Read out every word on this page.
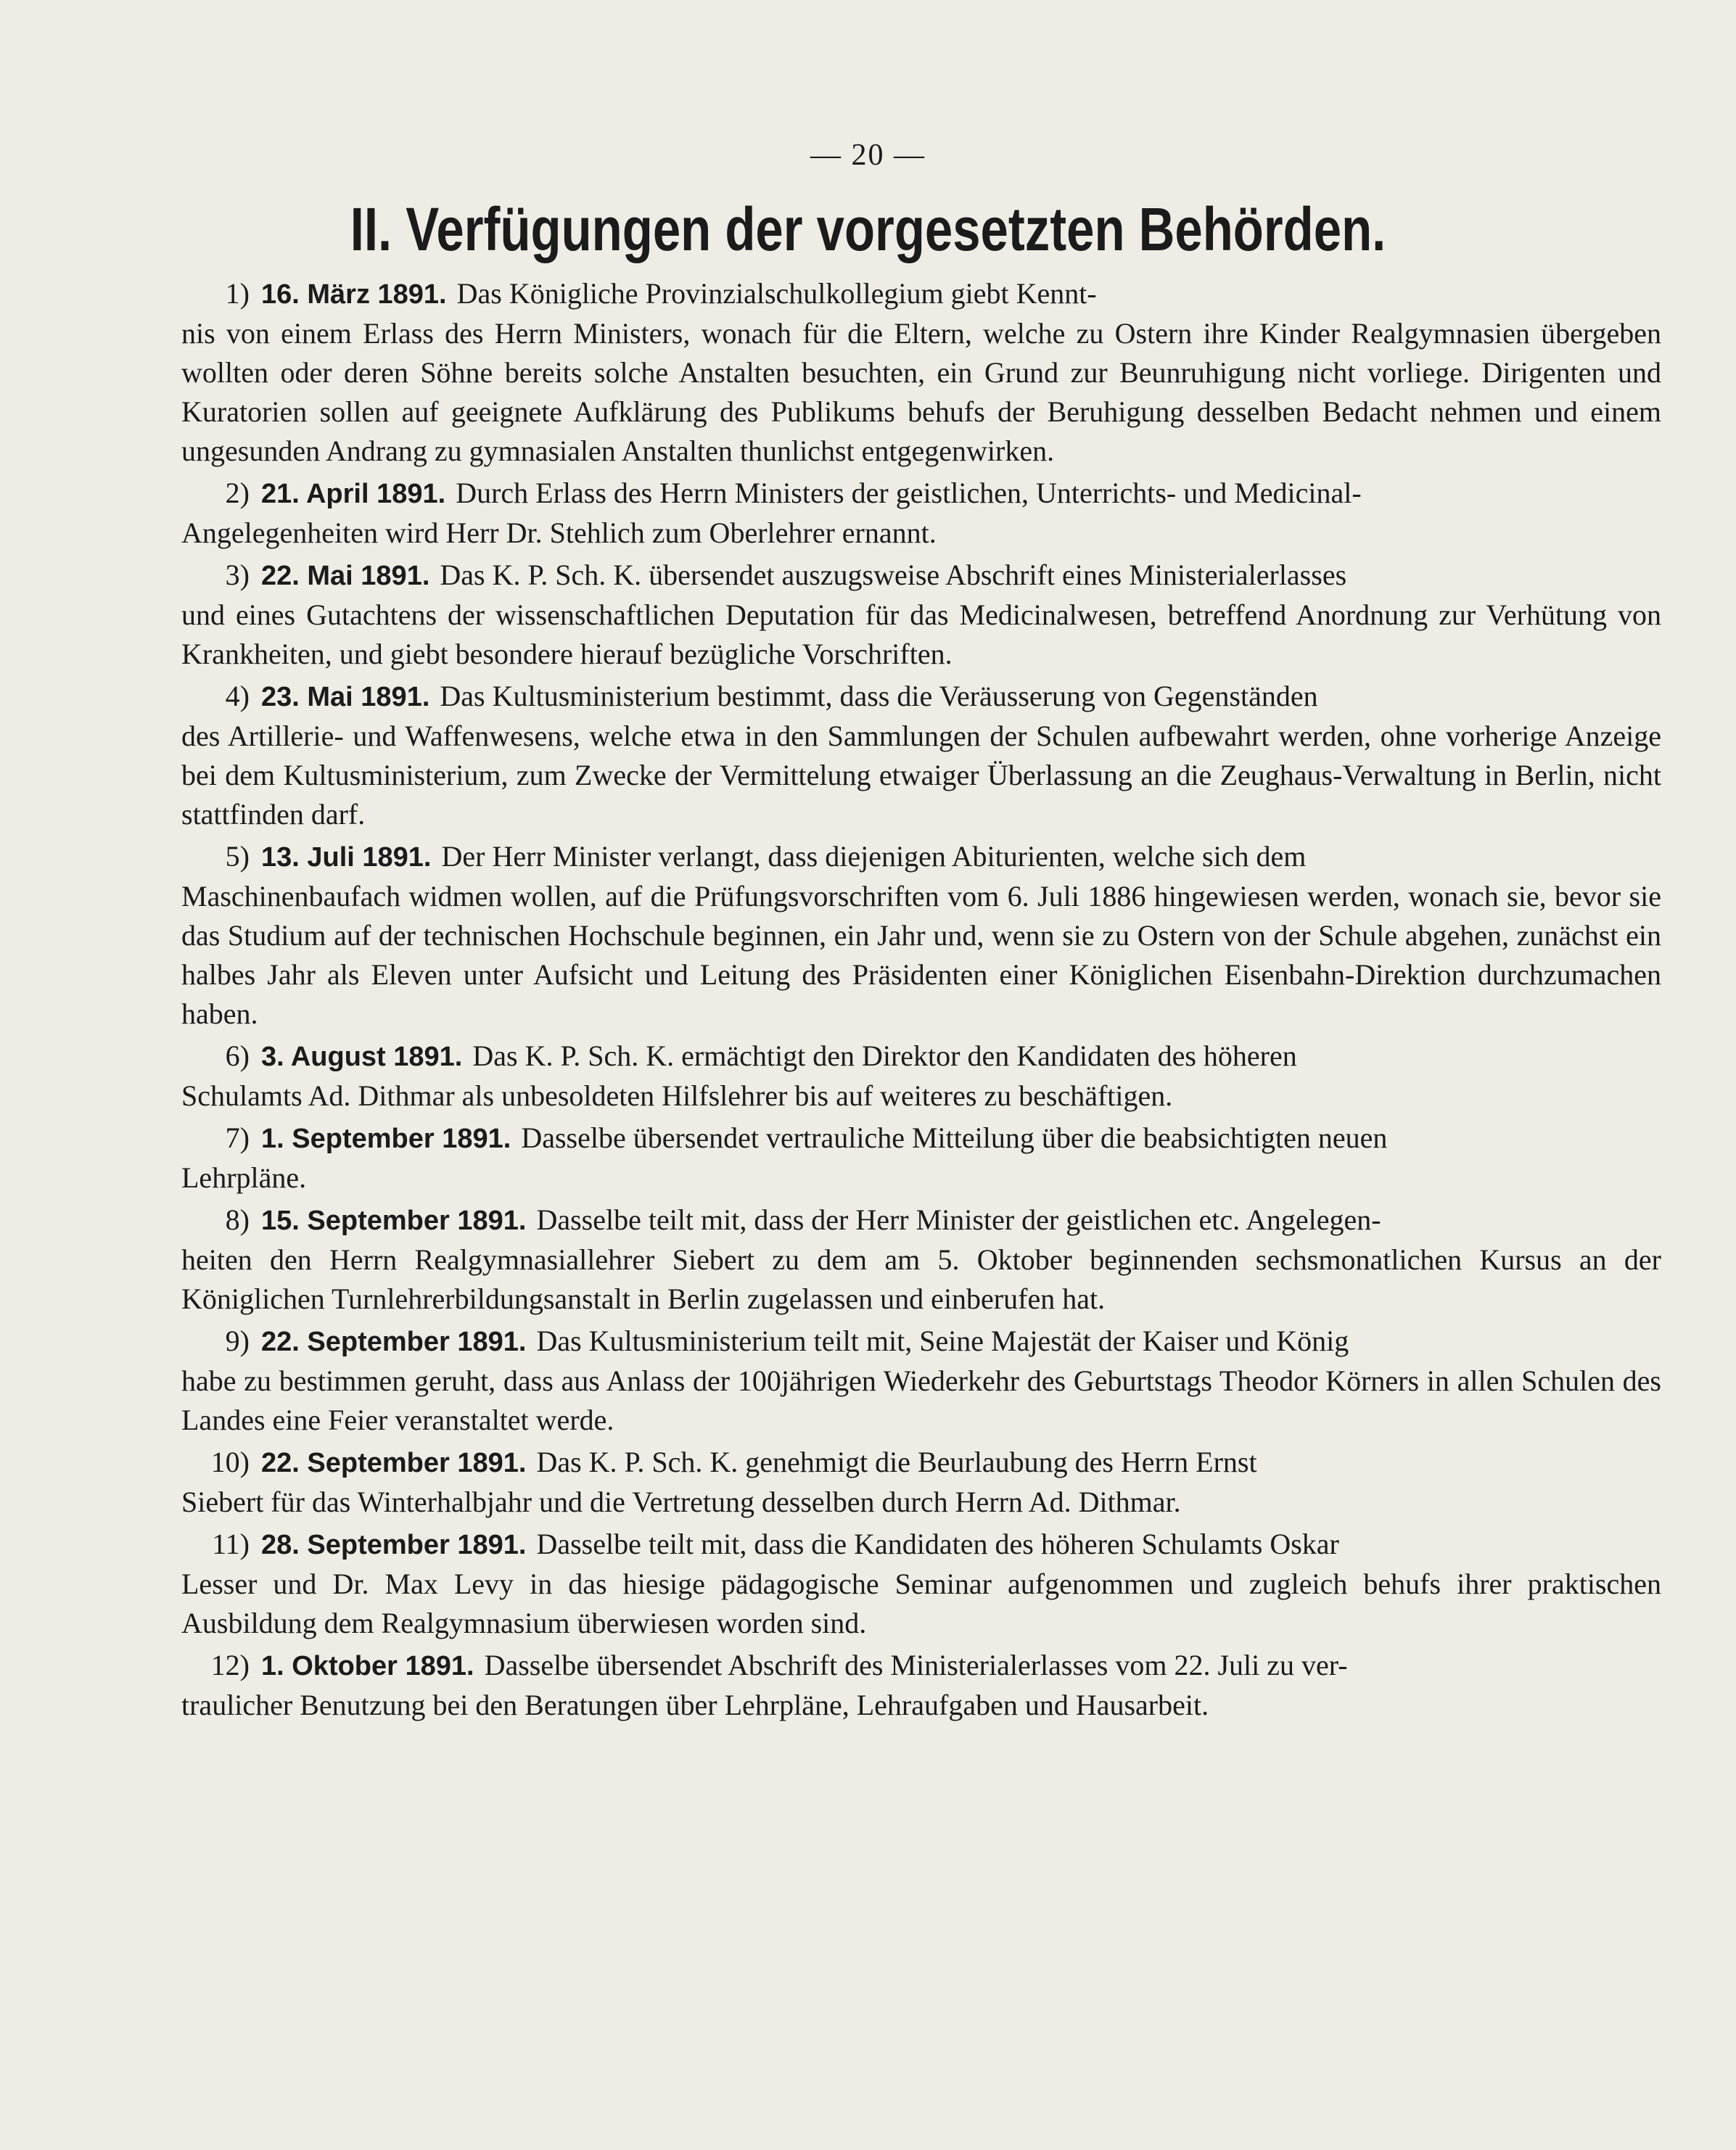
— 20 —
II. Verfügungen der vorgesetzten Behörden.
1) 16. März 1891. Das Königliche Provinzialschulkollegium giebt Kennt-
nis von einem Erlass des Herrn Ministers, wonach für die Eltern, welche zu Ostern ihre Kinder Realgymnasien übergeben wollten oder deren Söhne bereits solche Anstalten besuchten, ein Grund zur Beunruhigung nicht vorliege. Dirigenten und Kuratorien sollen auf geeignete Aufklärung des Publikums behufs der Beruhigung desselben Bedacht nehmen und einem ungesunden Andrang zu gymnasialen Anstalten thunlichst entgegenwirken.
2) 21. April 1891. Durch Erlass des Herrn Ministers der geistlichen, Unterrichts- und Medicinal-
Angelegenheiten wird Herr Dr. Stehlich zum Oberlehrer ernannt.
3) 22. Mai 1891. Das K. P. Sch. K. übersendet auszugsweise Abschrift eines Ministerialerlasses
und eines Gutachtens der wissenschaftlichen Deputation für das Medicinalwesen, betreffend Anordnung zur Verhütung von Krankheiten, und giebt besondere hierauf bezügliche Vorschriften.
4) 23. Mai 1891. Das Kultusministerium bestimmt, dass die Veräusserung von Gegenständen
des Artillerie- und Waffenwesens, welche etwa in den Sammlungen der Schulen aufbewahrt werden, ohne vorherige Anzeige bei dem Kultusministerium, zum Zwecke der Vermittelung etwaiger Überlassung an die Zeughaus-Verwaltung in Berlin, nicht stattfinden darf.
5) 13. Juli 1891. Der Herr Minister verlangt, dass diejenigen Abiturienten, welche sich dem
Maschinenbaufach widmen wollen, auf die Prüfungsvorschriften vom 6. Juli 1886 hingewiesen werden, wonach sie, bevor sie das Studium auf der technischen Hochschule beginnen, ein Jahr und, wenn sie zu Ostern von der Schule abgehen, zunächst ein halbes Jahr als Eleven unter Aufsicht und Leitung des Präsidenten einer Königlichen Eisenbahn-Direktion durchzumachen haben.
6) 3. August 1891. Das K. P. Sch. K. ermächtigt den Direktor den Kandidaten des höheren
Schulamts Ad. Dithmar als unbesoldeten Hilfslehrer bis auf weiteres zu beschäftigen.
7) 1. September 1891. Dasselbe übersendet vertrauliche Mitteilung über die beabsichtigten neuen
Lehrpläne.
8) 15. September 1891. Dasselbe teilt mit, dass der Herr Minister der geistlichen etc. Angelegen-
heiten den Herrn Realgymnasiallehrer Siebert zu dem am 5. Oktober beginnenden sechsmonatlichen Kursus an der Königlichen Turnlehrerbildungsanstalt in Berlin zugelassen und einberufen hat.
9) 22. September 1891. Das Kultusministerium teilt mit, Seine Majestät der Kaiser und König
habe zu bestimmen geruht, dass aus Anlass der 100jährigen Wiederkehr des Geburtstags Theodor Körners in allen Schulen des Landes eine Feier veranstaltet werde.
10) 22. September 1891. Das K. P. Sch. K. genehmigt die Beurlaubung des Herrn Ernst
Siebert für das Winterhalbjahr und die Vertretung desselben durch Herrn Ad. Dithmar.
11) 28. September 1891. Dasselbe teilt mit, dass die Kandidaten des höheren Schulamts Oskar
Lesser und Dr. Max Levy in das hiesige pädagogische Seminar aufgenommen und zugleich behufs ihrer praktischen Ausbildung dem Realgymnasium überwiesen worden sind.
12) 1. Oktober 1891. Dasselbe übersendet Abschrift des Ministerialerlasses vom 22. Juli zu ver-
traulicher Benutzung bei den Beratungen über Lehrpläne, Lehraufgaben und Hausarbeit.
